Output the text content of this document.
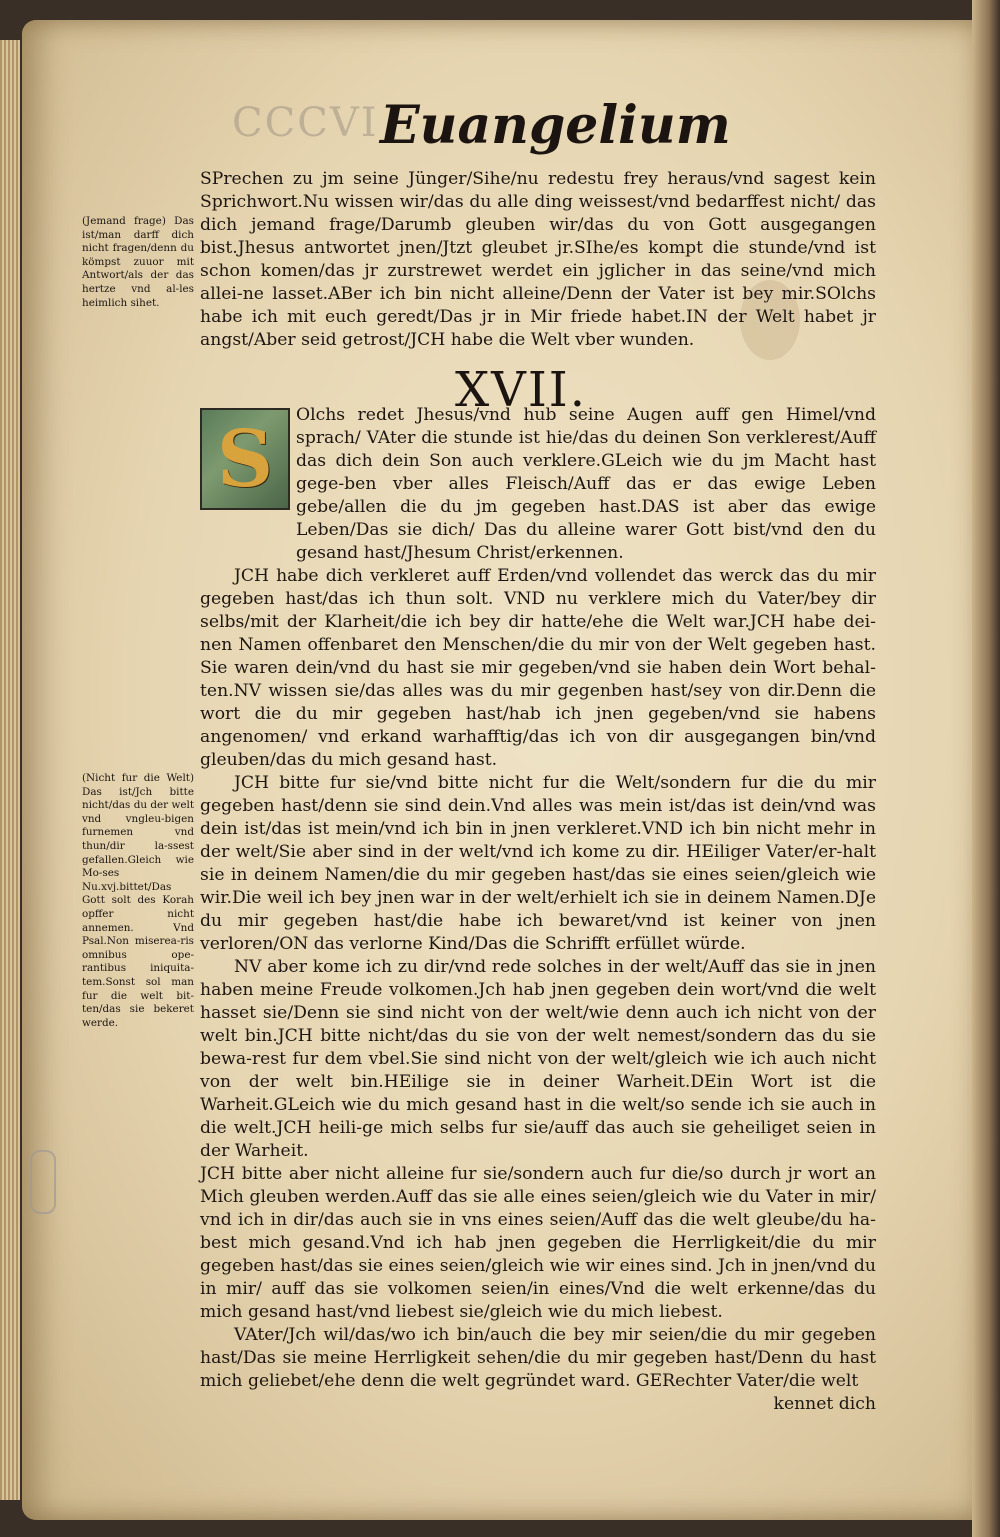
CCCVI Euangelium

SPrechen zu jm seine Jünger/Sihe/nu redestu frey heraus/vnd sagest kein Sprichwort.Nu wissen wir/das du alle ding weissest/vnd bedarffest nicht/ das dich jemand frage/Darumb gleuben wir/das du von Gott ausgegangen bist.Jhesus antwortet jnen/Jtzt gleubet jr.SIhe/es kompt die stunde/vnd ist schon komen/das jr zurstrewet werdet ein jglicher in das seine/vnd mich allei-ne lasset.ABer ich bin nicht alleine/Denn der Vater ist bey mir.SOlchs habe ich mit euch geredt/Das jr in Mir friede habet.IN der Welt habet jr angst/Aber seid getrost/JCH habe die Welt vber wunden.

(Jemand frage) Das ist/man darff dich nicht fragen/denn du kömpst zuuor mit Antwort/als der das hertze vnd al-les heimlich sihet.
XVII.
S	Olchs redet Jhesus/vnd hub seine Augen auff gen Himel/vnd sprach/ VAter die stunde ist hie/das du deinen Son verklerest/Auff das dich dein Son auch verklere.GLeich wie du jm Macht hast gege-ben vber alles Fleisch/Auff das er das ewige Leben gebe/allen die du jm gegeben hast.DAS ist aber das ewige Leben/Das sie dich/ Das du alleine warer Gott bist/vnd den du gesand hast/Jhesum Christ/erkennen.

JCH habe dich verkleret auff Erden/vnd vollendet das werck das du mir gegeben hast/das ich thun solt. VND nu verklere mich du Vater/bey dir selbs/mit der Klarheit/die ich bey dir hatte/ehe die Welt war.JCH habe dei-nen Namen offenbaret den Menschen/die du mir von der Welt gegeben hast. Sie waren dein/vnd du hast sie mir gegeben/vnd sie haben dein Wort behal-ten.NV wissen sie/das alles was du mir gegenben hast/sey von dir.Denn die wort die du mir gegeben hast/hab ich jnen gegeben/vnd sie habens angenomen/ vnd erkand warhafftig/das ich von dir ausgegangen bin/vnd gleuben/das du mich gesand hast.

JCH bitte fur sie/vnd bitte nicht fur die Welt/sondern fur die du mir gegeben hast/denn sie sind dein.Vnd alles was mein ist/das ist dein/vnd was dein ist/das ist mein/vnd ich bin in jnen verkleret.VND ich bin nicht mehr in der welt/Sie aber sind in der welt/vnd ich kome zu dir. HEiliger Vater/er-halt sie in deinem Namen/die du mir gegeben hast/das sie eines seien/gleich wie wir.Die weil ich bey jnen war in der welt/erhielt ich sie in deinem Namen.DJe du mir gegeben hast/die habe ich bewaret/vnd ist keiner von jnen verloren/ON das verlorne Kind/Das die Schrifft erfüllet würde.

NV aber kome ich zu dir/vnd rede solches in der welt/Auff das sie in jnen haben meine Freude volkomen.Jch hab jnen gegeben dein wort/vnd die welt hasset sie/Denn sie sind nicht von der welt/wie denn auch ich nicht von der welt bin.JCH bitte nicht/das du sie von der welt nemest/sondern das du sie bewa-rest fur dem vbel.Sie sind nicht von der welt/gleich wie ich auch nicht von der welt bin.HEilige sie in deiner Warheit.DEin Wort ist die Warheit.GLeich wie du mich gesand hast in die welt/so sende ich sie auch in die welt.JCH heili-ge mich selbs fur sie/auff das auch sie geheiliget seien in der Warheit.

JCH bitte aber nicht alleine fur sie/sondern auch fur die/so durch jr wort an Mich gleuben werden.Auff das sie alle eines seien/gleich wie du Vater in mir/ vnd ich in dir/das auch sie in vns eines seien/Auff das die welt gleube/du ha-best mich gesand.Vnd ich hab jnen gegeben die Herrligkeit/die du mir gegeben hast/das sie eines seien/gleich wie wir eines sind. Jch in jnen/vnd du in mir/ auff das sie volkomen seien/in eines/Vnd die welt erkenne/das du mich gesand hast/vnd liebest sie/gleich wie du mich liebest.

VAter/Jch wil/das/wo ich bin/auch die bey mir seien/die du mir gegeben hast/Das sie meine Herrligkeit sehen/die du mir gegeben hast/Denn du hast mich geliebet/ehe denn die welt gegründet ward. GERechter Vater/die welt

kennet dich

(Nicht fur die Welt) Das ist/Jch bitte nicht/das du der welt vnd vngleu-bigen furnemen vnd thun/dir la-ssest gefallen.Gleich wie Mo-ses Nu.xvj.bittet/Das Gott solt des Korah opffer nicht annemen. Vnd Psal.Non miserea-ris omnibus ope-rantibus iniquita-tem.Sonst sol man fur die welt bit-ten/das sie bekeret werde.
